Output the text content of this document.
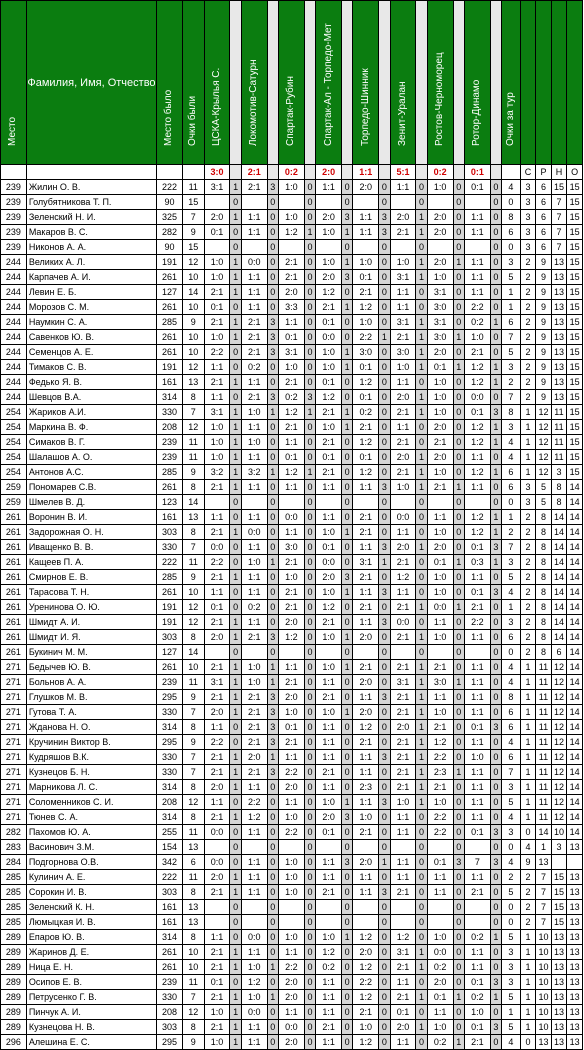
Место	Фамилия, Имя, Отчество	Место было	Очки были	ЦСКА-Крылья С.		Локомотив-Сатурн		Спартак-Рубин		Спартак-Ал - Торпедо-Мет		Торпедо-Шинник		Зенит-Уралан		Ростов-Черноморец		Ротор-Динамо		Очки за тур				

				3:0		2:1		0:2		2:0		1:1		5:1		0:2		0:1			С	Р	Н	О
239	Жилин О. В.	222	11	3:1	1	2:1	3	1:0	0	1:1	0	2:0	0	1:1	0	1:0	0	0:1	0	4	3	6	15	15
239	Голубятникова Т. П.	90	15		0		0		0		0		0		0		0		0	0	3	6	7	15
239	Зеленский Н. И.	325	7	2:0	1	1:1	0	1:0	0	2:0	3	1:1	3	2:0	1	2:0	0	1:1	0	8	3	6	7	15
239	Макаров В. С.	282	9	0:1	0	1:1	0	1:2	1	1:0	1	1:1	3	2:1	1	2:0	0	1:1	0	6	3	6	7	15
239	Никонов А. А.	90	15		0		0		0		0		0		0		0		0	0	3	6	7	15
244	Великих А. Л.	191	12	1:0	1	0:0	0	2:1	0	1:0	1	1:0	0	1:0	1	2:0	1	1:1	0	3	2	9	13	15
244	Карпачев А. И.	261	10	1:0	1	1:1	0	2:1	0	2:0	3	0:1	0	3:1	1	1:0	0	1:1	0	5	2	9	13	15
244	Левин Е. Б.	127	14	2:1	1	1:1	0	2:0	0	1:2	0	2:1	0	1:1	0	3:1	0	1:1	0	1	2	9	13	15
244	Морозов С. М.	261	10	0:1	0	1:1	0	3:3	0	2:1	1	1:2	0	1:1	0	3:0	0	2:2	0	1	2	9	13	15
244	Наумкин С. А.	285	9	2:1	1	2:1	3	1:1	0	0:1	0	1:0	0	3:1	1	3:1	0	0:2	1	6	2	9	13	15
244	Савенков Ю. В.	261	10	1:0	1	2:1	3	0:1	0	0:0	0	2:2	1	2:1	1	3:0	1	1:0	0	7	2	9	13	15
244	Семенцов А. Е.	261	10	2:2	0	2:1	3	3:1	0	1:0	1	3:0	0	3:0	1	2:0	0	2:1	0	5	2	9	13	15
244	Тимаков С. В.	191	12	1:1	0	0:2	0	1:0	0	1:0	1	0:1	0	1:0	1	0:1	1	1:2	1	3	2	9	13	15
244	Федько Я. В.	161	13	2:1	1	1:1	0	2:1	0	0:1	0	1:2	0	1:1	0	1:0	0	1:2	1	2	2	9	13	15
244	Шевцов В.А.	314	8	1:1	0	2:1	3	0:2	3	1:2	0	0:1	0	2:0	1	1:0	0	0:0	0	7	2	9	13	15
254	Жариков А.И.	330	7	3:1	1	1:0	1	1:2	1	2:1	1	0:2	0	2:1	1	1:0	0	0:1	3	8	1	12	11	15
254	Маркина В. Ф.	208	12	1:0	1	1:1	0	2:1	0	1:0	1	2:1	0	1:1	0	2:0	0	1:2	1	3	1	12	11	15
254	Симаков В. Г.	239	11	1:0	1	1:0	0	1:1	0	2:1	0	1:2	0	2:1	0	2:1	0	1:2	1	4	1	12	11	15
254	Шалашов А. О.	239	11	1:0	1	1:1	0	0:1	0	0:1	0	0:1	0	2:0	1	2:0	0	1:1	0	4	1	12	11	15
254	Антонов А.С.	285	9	3:2	1	3:2	1	1:2	1	2:1	0	1:2	0	2:1	1	1:0	0	1:2	1	6	1	12	3	15
259	Пономарев С.В.	261	8	2:1	1	1:1	0	1:1	0	1:1	0	1:1	3	1:0	1	2:1	1	1:1	0	6	3	5	8	14
259	Шмелев В. Д.	123	14		0		0		0		0		0		0		0		0	0	3	5	8	14
261	Воронин В. И.	161	13	1:1	0	1:1	0	0:0	0	1:1	0	2:1	0	0:0	0	1:1	0	1:2	1	1	2	8	14	14
261	Задорожная О. Н.	303	8	2:1	1	0:0	0	1:1	0	1:0	1	2:1	0	1:1	0	1:0	0	1:2	1	2	2	8	14	14
261	Иващенко В. В.	330	7	0:0	0	1:1	0	3:0	0	0:1	0	1:1	3	2:0	1	2:0	0	0:1	3	7	2	8	14	14
261	Кащеев П. А.	222	11	2:2	0	1:0	1	2:1	0	0:0	0	3:1	1	2:1	0	0:1	1	0:3	1	3	2	8	14	14
261	Смирнов Е. В.	285	9	2:1	1	1:1	0	1:0	0	2:0	3	2:1	0	1:2	0	1:0	0	1:1	0	5	2	8	14	14
261	Тарасова Т. Н.	261	10	1:1	0	1:1	0	2:1	0	1:0	1	1:1	3	1:1	0	1:0	0	0:1	3	4	2	8	14	14
261	Уренинова О. Ю.	191	12	0:1	0	0:2	0	2:1	0	1:2	0	2:1	0	2:1	1	0:0	1	2:1	0	1	2	8	14	14
261	Шмидт А. И.	191	12	2:1	1	1:1	0	2:0	0	2:1	0	1:1	3	0:0	0	1:1	0	2:2	0	3	2	8	14	14
261	Шмидт И. Я.	303	8	2:0	1	2:1	3	1:2	0	1:0	1	2:0	0	2:1	1	1:0	0	1:1	0	6	2	8	14	14
261	Букинич М. М.	127	14		0		0		0		0		0		0		0		0	0	2	8	6	14
271	Бедычев Ю. В.	261	10	2:1	1	1:0	1	1:1	0	1:0	1	2:1	0	2:1	1	2:1	0	1:1	0	4	1	11	12	14
271	Больнов А. А.	239	11	3:1	1	1:0	1	2:1	0	1:1	0	2:0	0	3:1	1	3:0	1	1:1	0	4	1	11	12	14
271	Глушков М. В.	295	9	2:1	1	2:1	3	2:0	0	2:1	0	1:1	3	2:1	1	1:1	0	1:1	0	8	1	11	12	14
271	Гутова Т. А.	330	7	2:0	1	2:1	3	1:0	0	1:0	1	2:0	0	2:1	1	1:0	0	1:1	0	6	1	11	12	14
271	Жданова Н. О.	314	8	1:1	0	2:1	3	0:1	0	1:1	0	1:2	0	2:0	1	2:1	0	0:1	3	6	1	11	12	14
271	Кручинин Виктор В.	295	9	2:2	0	2:1	3	2:1	0	1:1	0	2:1	0	2:1	1	1:2	0	1:1	0	4	1	11	12	14
271	Кудряшов В.К.	330	7	2:1	1	2:0	1	1:1	0	1:1	0	1:1	3	2:1	1	2:2	0	1:0	0	6	1	11	12	14
271	Кузнецов Б. Н.	330	7	2:1	1	2:1	3	2:2	0	2:1	0	1:1	0	2:1	1	2:3	1	1:1	0	7	1	11	12	14
271	Марникова Л. С.	314	8	2:0	1	1:1	0	2:0	0	1:1	0	2:3	0	2:1	1	2:1	0	1:1	0	3	1	11	12	14
271	Соломенников С. И.	208	12	1:1	0	2:2	0	1:1	0	1:0	1	1:1	3	1:0	1	1:0	0	1:1	0	5	1	11	12	14
271	Тюнев С. А.	314	8	2:1	1	1:2	0	1:0	0	2:0	3	1:0	0	1:1	0	2:2	0	1:1	0	4	1	11	12	14
282	Пахомов Ю. А.	255	11	0:0	0	1:1	0	2:2	0	0:1	0	2:1	0	1:1	0	2:2	0	0:1	3	3	0	14	10	14
283	Васинович З.М.	154	13		0		0		0		0		0		0		0		0	0	4	1	3	13
284	Подгорнова О.В.	342	6	0:0	0	1:1	0	1:0	0	1:1	3	2:0	1	1:1	0	0:1	3	7	3	4	9	13		
285	Кулинич А. Е.	222	11	2:0	1	1:1	0	1:0	0	1:1	0	1:1	0	1:1	0	1:1	0	1:1	0	2	2	7	15	13
285	Сорокин И. В.	303	8	2:1	1	1:1	0	1:0	0	2:1	0	1:1	3	2:1	0	1:1	0	2:1	0	5	2	7	15	13
285	Зеленский К. Н.	161	13		0		0		0		0		0		0		0		0	0	2	7	15	13
285	Люмыцкая И. В.	161	13		0		0		0		0		0		0		0		0	0	2	7	15	13
289	Епаров Ю. В.	314	8	1:1	0	0:0	0	1:0	0	1:0	1	1:2	0	1:2	0	1:0	0	0:2	1	5	1	10	13	13
289	Жаринов Д. Е.	261	10	2:1	1	1:1	0	1:1	0	1:2	0	2:0	0	3:1	1	0:0	0	1:1	0	3	1	10	13	13
289	Ница Е. Н.	261	10	2:1	1	1:0	1	2:2	0	0:2	0	1:2	0	2:1	1	0:2	0	1:1	0	3	1	10	13	13
289	Осипов Е. В.	239	11	0:1	0	1:2	0	2:0	0	1:1	0	2:2	0	1:1	0	2:0	0	0:1	3	3	1	10	13	13
289	Петрусенко Г. В.	330	7	2:1	1	1:0	1	2:0	0	1:1	0	1:2	0	2:1	1	0:1	1	0:2	1	5	1	10	13	13
289	Пинчук А. И.	208	12	1:0	1	0:0	0	1:1	0	1:1	0	2:1	0	0:1	0	1:1	0	1:0	0	1	1	10	13	13
289	Кузнецова Н. В.	303	8	2:1	1	1:1	0	0:0	0	2:1	0	1:0	0	2:0	1	1:0	0	0:1	3	5	1	10	13	13
296	Алешина Е. С.	295	9	1:0	1	1:1	0	2:0	0	1:1	0	1:2	0	1:1	0	0:2	1	2:1	0	4	0	13	13	13
